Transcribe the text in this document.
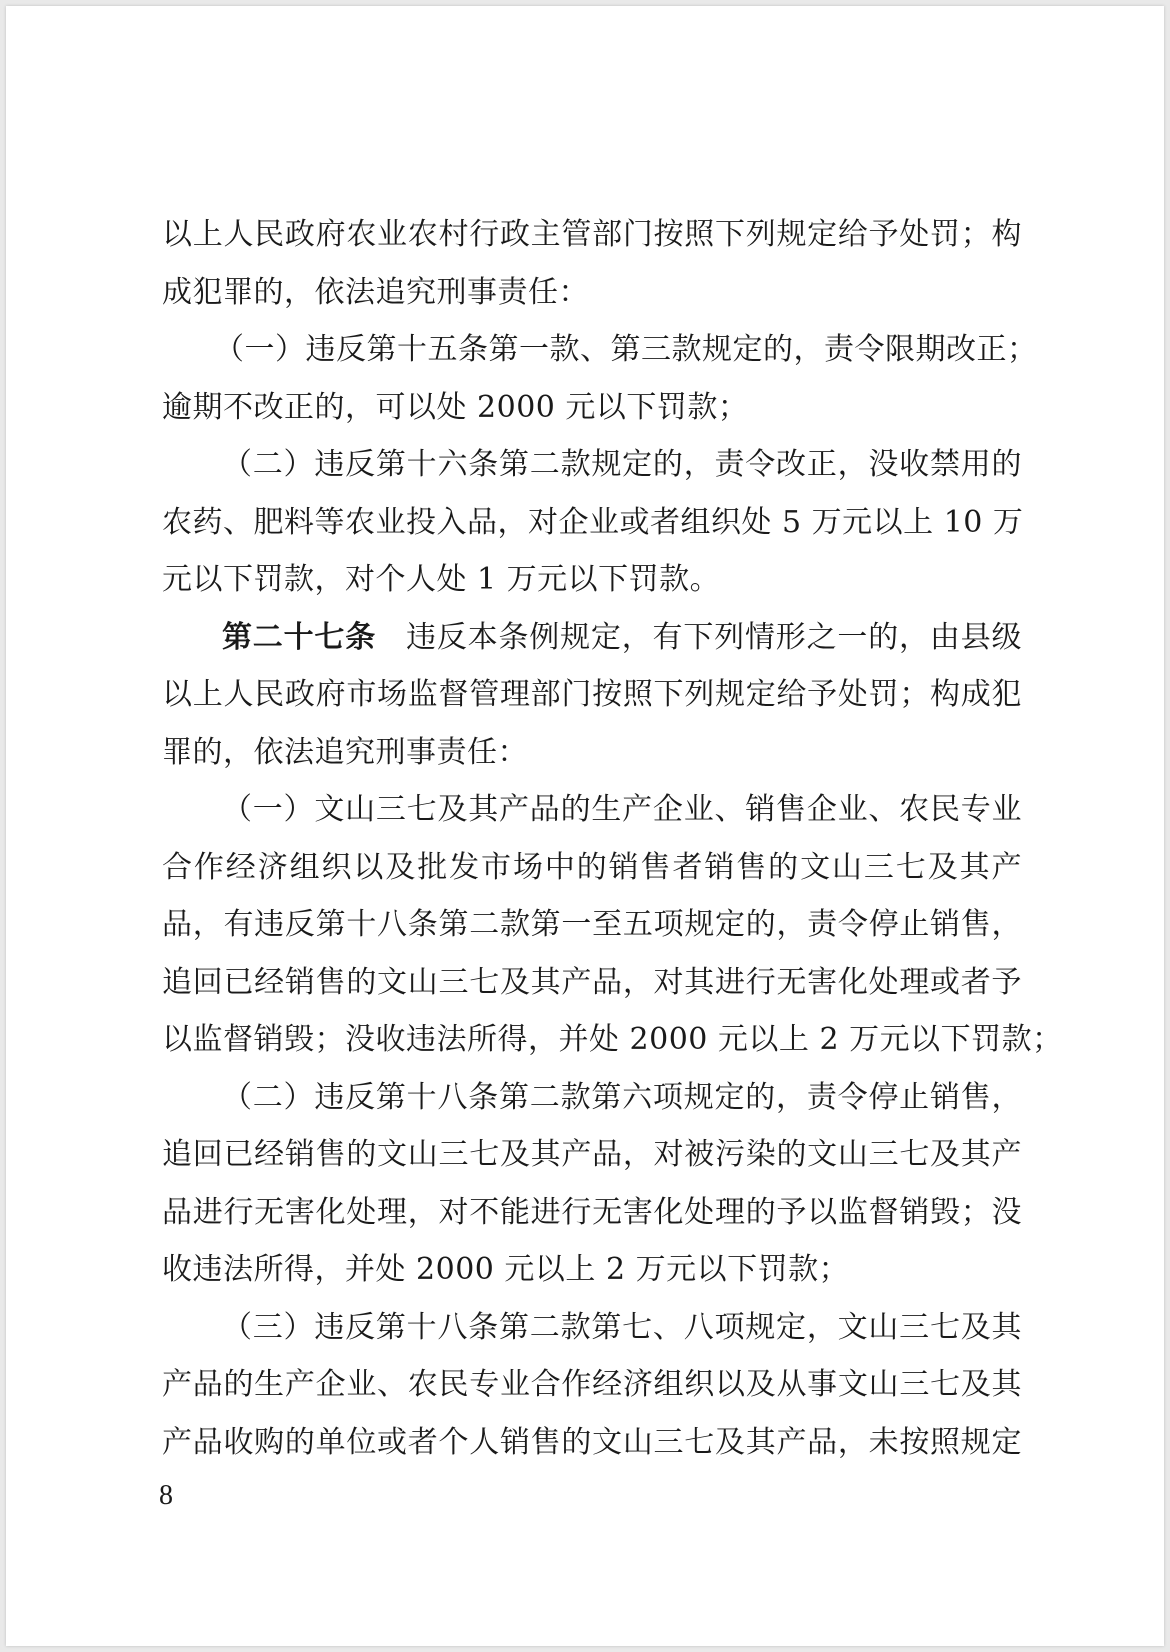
以上人民政府农业农村行政主管部门按照下列规定给予处罚；构
成犯罪的，依法追究刑事责任：
（一）违反第十五条第一款、第三款规定的，责令限期改正；
逾期不改正的，可以处 2000 元以下罚款；
（二）违反第十六条第二款规定的，责令改正，没收禁用的
农药、肥料等农业投入品，对企业或者组织处 5 万元以上 10 万
元以下罚款，对个人处 1 万元以下罚款。
第二十七条 违反本条例规定，有下列情形之一的，由县级
以上人民政府市场监督管理部门按照下列规定给予处罚；构成犯
罪的，依法追究刑事责任：
（一）文山三七及其产品的生产企业、销售企业、农民专业
合作经济组织以及批发市场中的销售者销售的文山三七及其产
品，有违反第十八条第二款第一至五项规定的，责令停止销售，
追回已经销售的文山三七及其产品，对其进行无害化处理或者予
以监督销毁；没收违法所得，并处 2000 元以上 2 万元以下罚款；
（二）违反第十八条第二款第六项规定的，责令停止销售，
追回已经销售的文山三七及其产品，对被污染的文山三七及其产
品进行无害化处理，对不能进行无害化处理的予以监督销毁；没
收违法所得，并处 2000 元以上 2 万元以下罚款；
（三）违反第十八条第二款第七、八项规定，文山三七及其
产品的生产企业、农民专业合作经济组织以及从事文山三七及其
产品收购的单位或者个人销售的文山三七及其产品，未按照规定
8
